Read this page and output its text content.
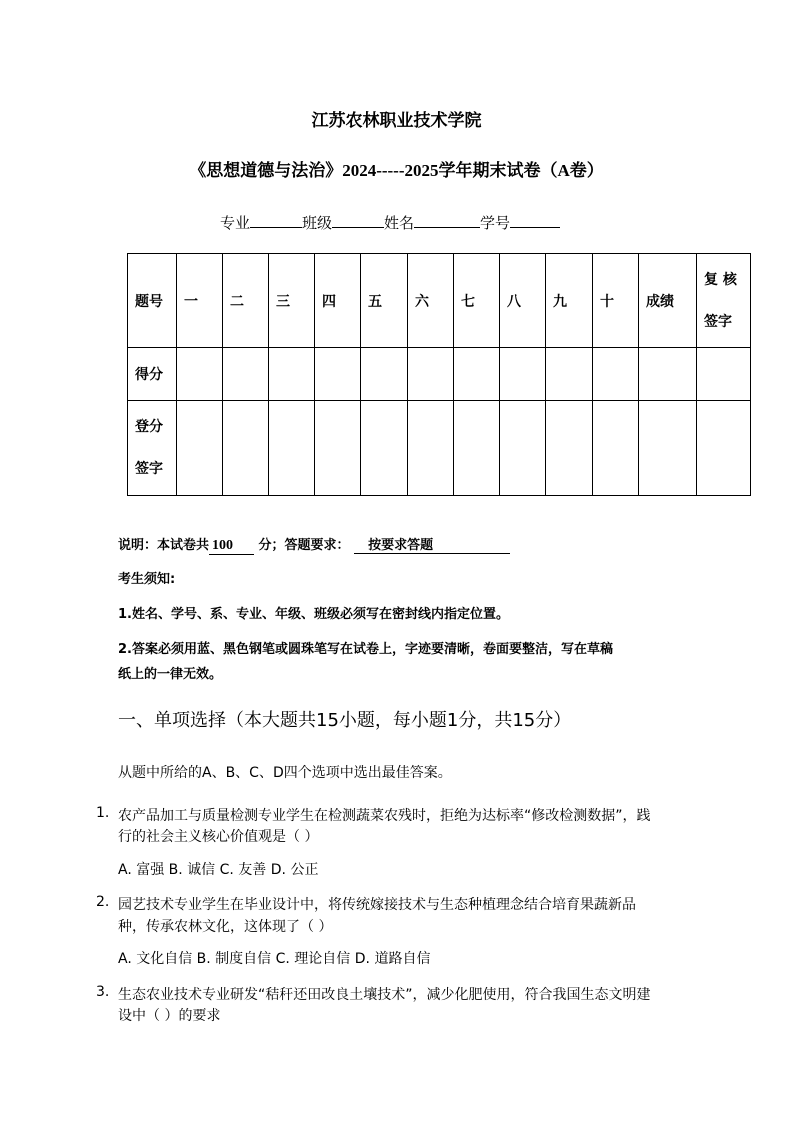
江苏农林职业技术学院
《思想道德与法治》2024-----2025学年期末试卷（A卷）
专业	班级	姓名	学号
题号	一	二	三	四	五	六	七	八	九	十	成绩	复 核
签字
得分												
登分
签字												
说明：本试卷共 100 分；答题要求： 按要求答题
考生须知:
1.姓名、学号、系、专业、年级、班级必须写在密封线内指定位置。
2.答案必须用蓝、黑色钢笔或圆珠笔写在试卷上，字迹要清晰，卷面要整洁，写在草稿
纸上的一律无效。
一、单项选择（本大题共15小题，每小题1分，共15分）
从题中所给的A、B、C、D四个选项中选出最佳答案。
1. 农产品加工与质量检测专业学生在检测蔬菜农残时，拒绝为达标率“修改检测数据”，践
行的社会主义核心价值观是（ ）
A. 富强 B. 诚信 C. 友善 D. 公正
2. 园艺技术专业学生在毕业设计中，将传统嫁接技术与生态种植理念结合培育果蔬新品
种，传承农林文化，这体现了（ ）
A. 文化自信 B. 制度自信 C. 理论自信 D. 道路自信
3. 生态农业技术专业研发“秸秆还田改良土壤技术”，减少化肥使用，符合我国生态文明建
设中（ ）的要求
